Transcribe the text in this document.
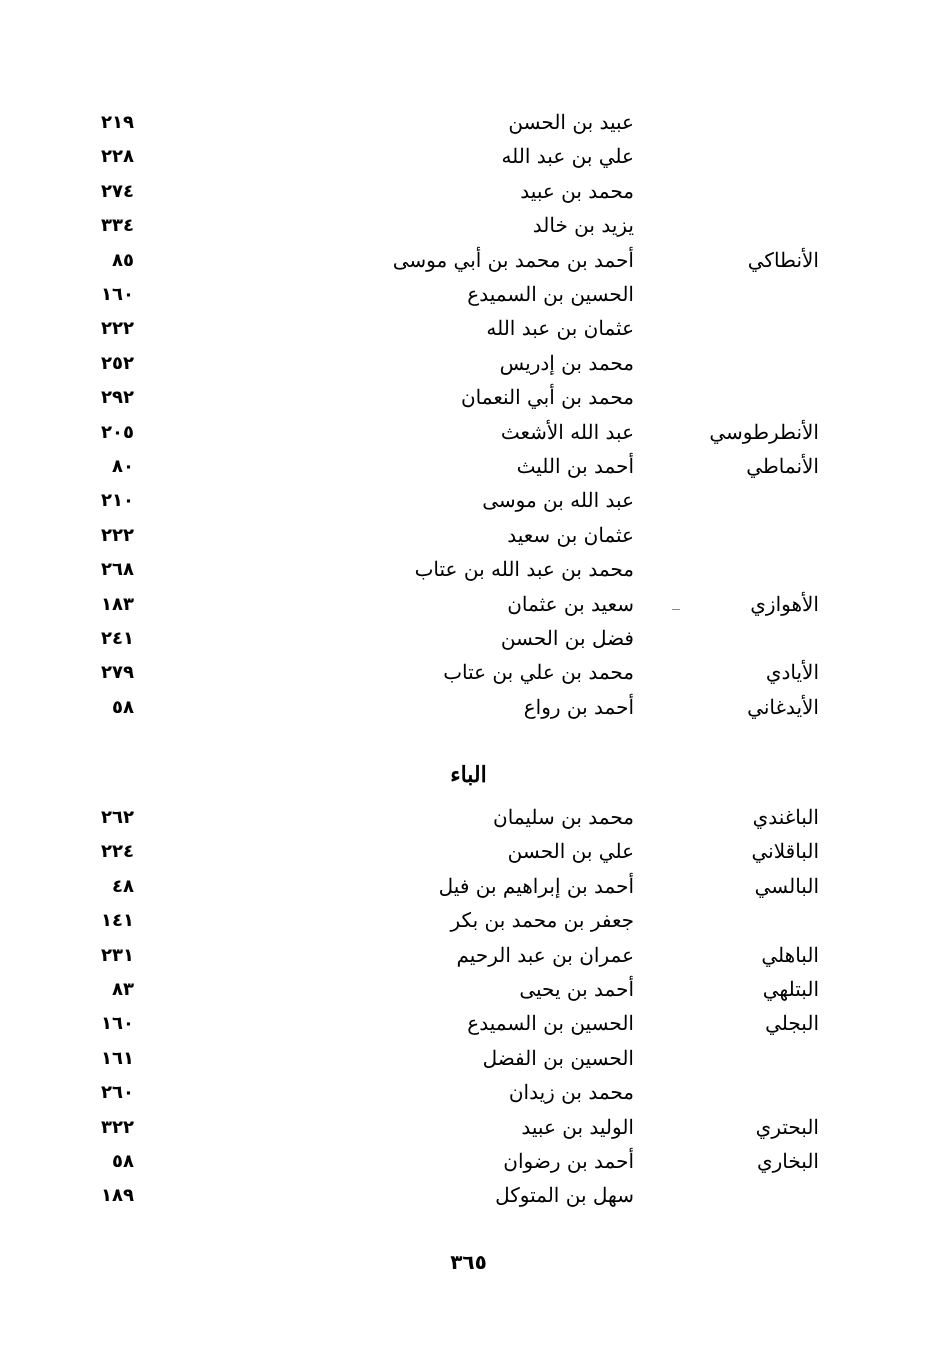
عبيد بن الحسن
٢١٩
علي بن عبد الله
٢٢٨
محمد بن عبيد
٢٧٤
يزيد بن خالد
٣٣٤
الأنطاكي
أحمد بن محمد بن أبي موسى
٨٥
الحسين بن السميدع
١٦٠
عثمان بن عبد الله
٢٢٢
محمد بن إدريس
٢٥٢
محمد بن أبي النعمان
٢٩٢
الأنطرطوسي
عبد الله الأشعث
٢٠٥
الأنماطي
أحمد بن الليث
٨٠
عبد الله بن موسى
٢١٠
عثمان بن سعيد
٢٢٢
محمد بن عبد الله بن عتاب
٢٦٨
الأهوازي
سعيد بن عثمان
١٨٣
فضل بن الحسن
٢٤١
الأيادي
محمد بن علي بن عتاب
٢٧٩
الأيدغاني
أحمد بن رواع
٥٨
الباء
الباغندي
محمد بن سليمان
٢٦٢
الباقلاني
علي بن الحسن
٢٢٤
البالسي
أحمد بن إبراهيم بن فيل
٤٨
جعفر بن محمد بن بكر
١٤١
الباهلي
عمران بن عبد الرحيم
٢٣١
البتلهي
أحمد بن يحيى
٨٣
البجلي
الحسين بن السميدع
١٦٠
الحسين بن الفضل
١٦١
محمد بن زيدان
٢٦٠
البحتري
الوليد بن عبيد
٣٢٢
البخاري
أحمد بن رضوان
٥٨
سهل بن المتوكل
١٨٩
٣٦٥
